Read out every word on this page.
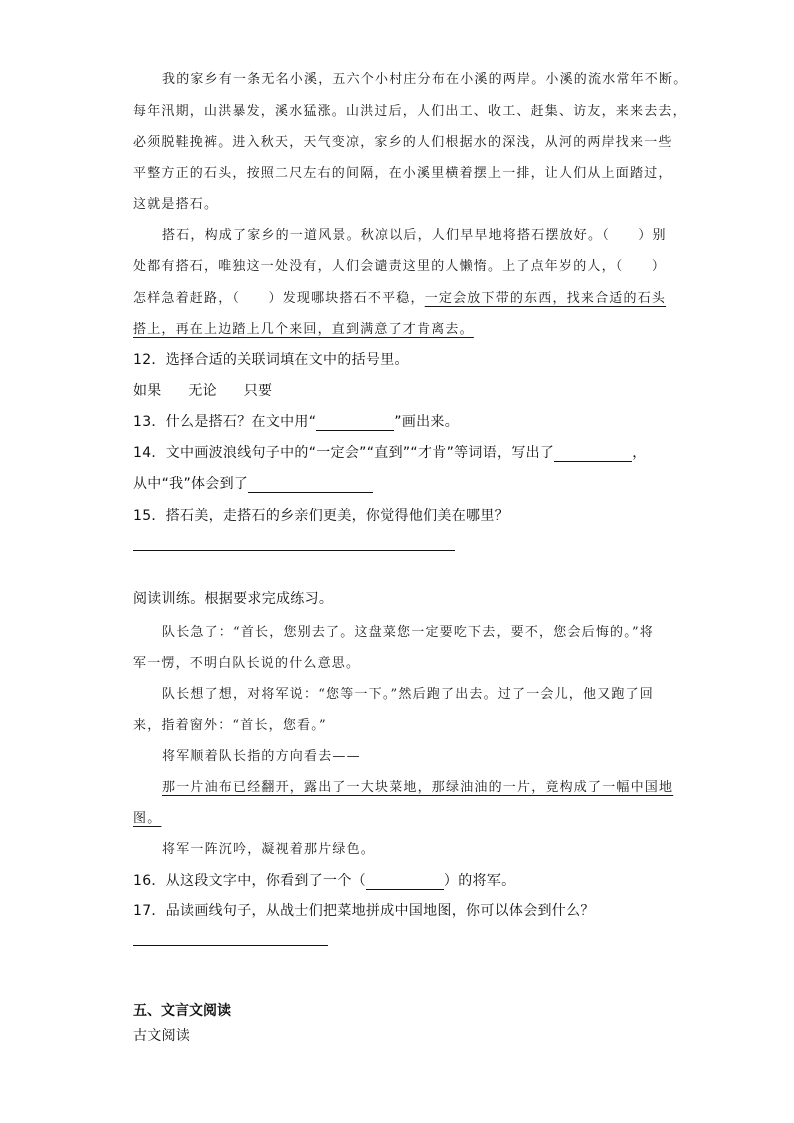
我的家乡有一条无名小溪，五六个小村庄分布在小溪的两岸。小溪的流水常年不断。
每年汛期，山洪暴发，溪水猛涨。山洪过后，人们出工、收工、赶集、访友，来来去去，
必须脱鞋挽裤。进入秋天，天气变凉，家乡的人们根据水的深浅，从河的两岸找来一些
平整方正的石头，按照二尺左右的间隔，在小溪里横着摆上一排，让人们从上面踏过，
这就是搭石。
搭石，构成了家乡的一道风景。秋凉以后，人们早早地将搭石摆放好。（　　）别
处都有搭石，唯独这一处没有，人们会谴责这里的人懒惰。上了点年岁的人，（　　）
怎样急着赶路，（　　）发现哪块搭石不平稳，一定会放下带的东西，找来合适的石头
搭上，再在上边踏上几个来回，直到满意了才肯离去。
12．选择合适的关联词填在文中的括号里。
如果 无论 只要
13．什么是搭石？在文中用“	”画出来。
14．文中画波浪线句子中的“一定会”“直到”“才肯”等词语，写出了	，
从中“我”体会到了
15．搭石美，走搭石的乡亲们更美，你觉得他们美在哪里？
阅读训练。根据要求完成练习。
队长急了：“首长，您别去了。这盘菜您一定要吃下去，要不，您会后悔的。”将
军一愣，不明白队长说的什么意思。
队长想了想，对将军说：“您等一下。”然后跑了出去。过了一会儿，他又跑了回
来，指着窗外：“首长，您看。”
将军顺着队长指的方向看去——
那一片油布已经翻开，露出了一大块菜地，那绿油油的一片，竟构成了一幅中国地
图。
将军一阵沉吟，凝视着那片绿色。
16．从这段文字中，你看到了一个（	）的将军。
17．品读画线句子，从战士们把菜地拼成中国地图，你可以体会到什么？
五、文言文阅读
古文阅读
